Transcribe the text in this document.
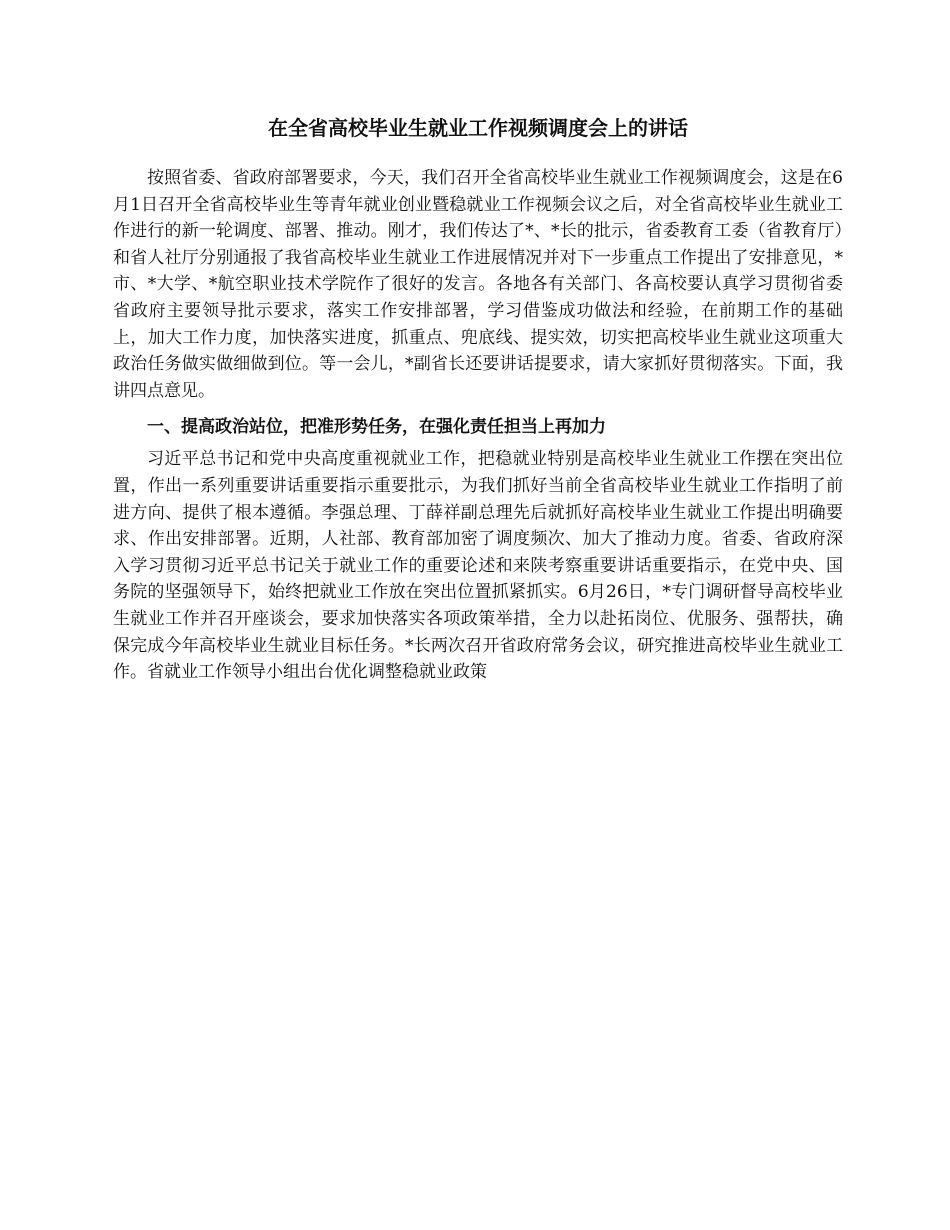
在全省高校毕业生就业工作视频调度会上的讲话

按照省委、省政府部署要求，今天，我们召开全省高校毕业生就业工作视频调度会，这是在6月1日召开全省高校毕业生等青年就业创业暨稳就业工作视频会议之后，对全省高校毕业生就业工作进行的新一轮调度、部署、推动。刚才，我们传达了*、*长的批示，省委教育工委（省教育厅）和省人社厅分别通报了我省高校毕业生就业工作进展情况并对下一步重点工作提出了安排意见，*市、*大学、*航空职业技术学院作了很好的发言。各地各有关部门、各高校要认真学习贯彻省委省政府主要领导批示要求，落实工作安排部署，学习借鉴成功做法和经验，在前期工作的基础上，加大工作力度，加快落实进度，抓重点、兜底线、提实效，切实把高校毕业生就业这项重大政治任务做实做细做到位。等一会儿，*副省长还要讲话提要求，请大家抓好贯彻落实。下面，我讲四点意见。

一、提高政治站位，把准形势任务，在强化责任担当上再加力

习近平总书记和党中央高度重视就业工作，把稳就业特别是高校毕业生就业工作摆在突出位置，作出一系列重要讲话重要指示重要批示，为我们抓好当前全省高校毕业生就业工作指明了前进方向、提供了根本遵循。李强总理、丁薛祥副总理先后就抓好高校毕业生就业工作提出明确要求、作出安排部署。近期，人社部、教育部加密了调度频次、加大了推动力度。省委、省政府深入学习贯彻习近平总书记关于就业工作的重要论述和来陕考察重要讲话重要指示，在党中央、国务院的坚强领导下，始终把就业工作放在突出位置抓紧抓实。6月26日，*专门调研督导高校毕业生就业工作并召开座谈会，要求加快落实各项政策举措，全力以赴拓岗位、优服务、强帮扶，确保完成今年高校毕业生就业目标任务。*长两次召开省政府常务会议，研究推进高校毕业生就业工作。省就业工作领导小组出台优化调整稳就业政策
